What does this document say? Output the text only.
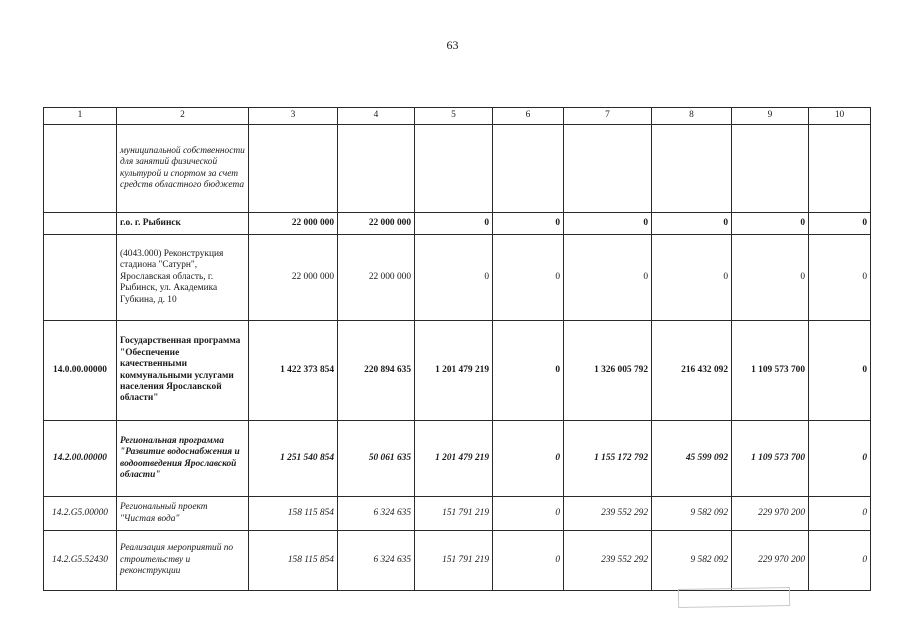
63
1	2	3	4	5	6	7	8	9	10
	муниципальной собственности для занятий физической культурой и спортом за счет средств областного бюджета								
	г.о. г. Рыбинск	22 000 000	22 000 000	0	0	0	0	0	0
	(4043.000) Реконструкция стадиона "Сатурн", Ярославская область, г. Рыбинск, ул. Академика Губкина, д. 10	22 000 000	22 000 000	0	0	0	0	0	0
14.0.00.00000	Государственная программа "Обеспечение качественными коммунальными услугами населения Ярославской области"	1 422 373 854	220 894 635	1 201 479 219	0	1 326 005 792	216 432 092	1 109 573 700	0
14.2.00.00000	Региональная программа "Развитие водоснабжения и водоотведения Ярославской области"	1 251 540 854	50 061 635	1 201 479 219	0	1 155 172 792	45 599 092	1 109 573 700	0
14.2.G5.00000	Региональный проект "Чистая вода"	158 115 854	6 324 635	151 791 219	0	239 552 292	9 582 092	229 970 200	0
14.2.G5.52430	Реализация мероприятий по строительству и реконструкции	158 115 854	6 324 635	151 791 219	0	239 552 292	9 582 092	229 970 200	0
